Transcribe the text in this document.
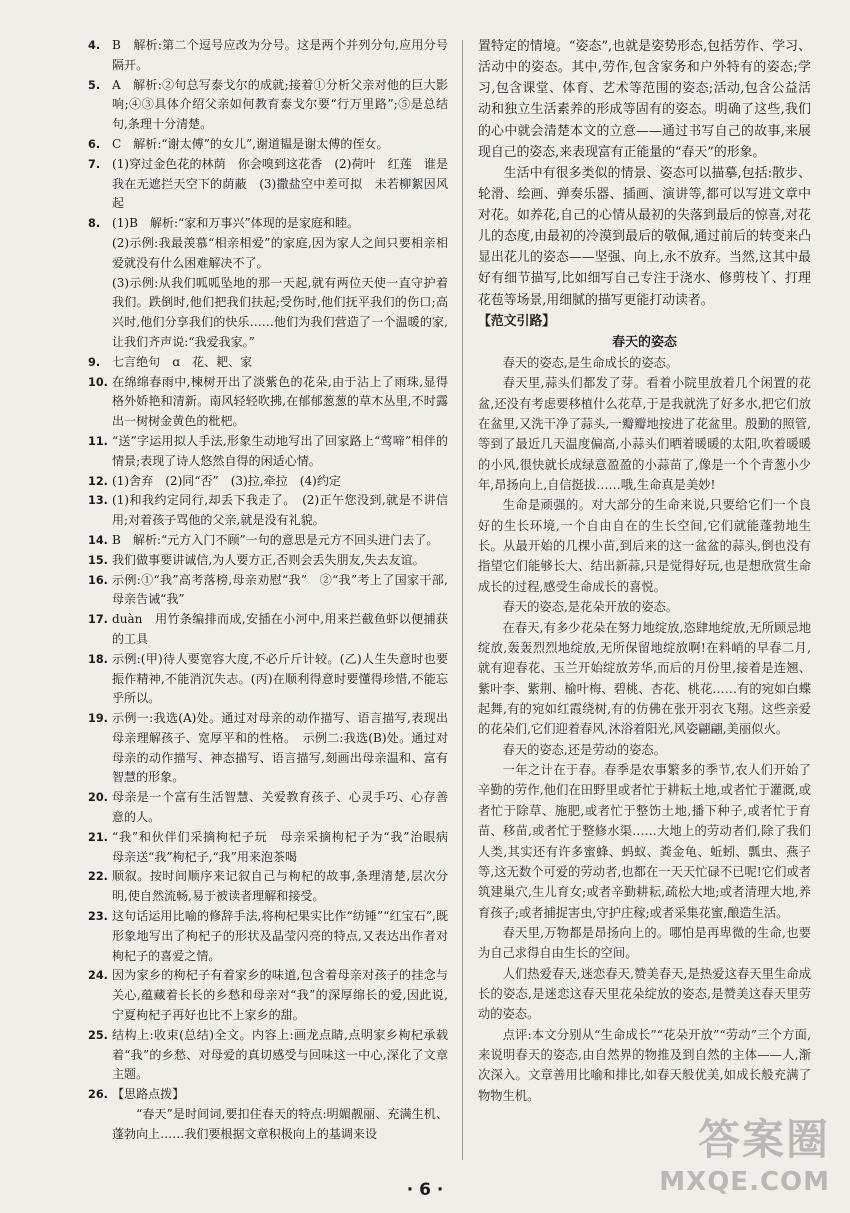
4. B　解析:第二个逗号应改为分号。这是两个并列分句,应用分号隔开。
5. A　解析:②句总写泰戈尔的成就;接着①分析父亲对他的巨大影响;④③具体介绍父亲如何教育泰戈尔要“行万里路”;⑤是总结句,条理十分清楚。
6. C　解析:“谢太傅”的女儿”,谢道韫是谢太傅的侄女。
7. (1)穿过金色花的林荫　你会嗅到这花香　(2)荷叶　红莲　谁是我在无遮拦天空下的荫蔽　(3)撒盐空中差可拟　未若柳絮因风起
8. (1)B　解析:“家和万事兴”体现的是家庭和睦。
(2)示例:我最羡慕“相亲相爱”的家庭,因为家人之间只要相亲相爱就没有什么困难解决不了。
(3)示例:从我们呱呱坠地的那一天起,就有两位天使一直守护着我们。跌倒时,他们把我们扶起;受伤时,他们抚平我们的伤口;高兴时,他们分享我们的快乐……他们为我们营造了一个温暖的家,让我们齐声说:“我爱我家。”
9. 七言绝句　ɑ　花、耙、家
10. 在绵绵春雨中,楝树开出了淡紫色的花朵,由于沾上了雨珠,显得格外娇艳和清新。南风轻轻吹拂,在郁郁葱葱的草木丛里,不时露出一树树金黄色的枇杷。
11. “送”字运用拟人手法,形象生动地写出了回家路上“莺啼”相伴的情景;表现了诗人悠然自得的闲适心情。
12. (1)舍弃　(2)同“否”　(3)拉,牵拉　(4)约定
13. (1)和我约定同行,却丢下我走了。　(2)正午您没到,就是不讲信用;对着孩子骂他的父亲,就是没有礼貌。
14. B　解析:“元方入门不顾”一句的意思是元方不回头进门去了。
15. 我们做事要讲诚信,为人要方正,否则会丢失朋友,失去友谊。
16. 示例:①“我”高考落榜,母亲劝慰“我”　②“我”考上了国家干部,母亲告诫“我”
17. duàn　用竹条编排而成,安插在小河中,用来拦截鱼虾以便捕获的工具
18. 示例:(甲)待人要宽容大度,不必斤斤计较。(乙)人生失意时也要振作精神,不能消沉失志。(丙)在顺利得意时要懂得珍惜,不能忘乎所以。
19. 示例一:我选(A)处。通过对母亲的动作描写、语言描写,表现出母亲理解孩子、宽厚平和的性格。　示例二:我选(B)处。通过对母亲的动作描写、神态描写、语言描写,刻画出母亲温和、富有智慧的形象。
20. 母亲是一个富有生活智慧、关爱教育孩子、心灵手巧、心存善意的人。
21. “我”和伙伴们采摘枸杞子玩　母亲采摘枸杞子为“我”治眼病　母亲送“我”枸杞子,“我”用来泡茶喝
22. 顺叙。按时间顺序来记叙自己与枸杞的故事,条理清楚,层次分明,使自然流畅,易于被读者理解和接受。
23. 这句话运用比喻的修辞手法,将枸杞果实比作“纺锤”“红宝石”,既形象地写出了枸杞子的形状及晶莹闪亮的特点,又表达出作者对枸杞子的喜爱之情。
24. 因为家乡的枸杞子有着家乡的味道,包含着母亲对孩子的挂念与关心,蕴藏着长长的乡愁和母亲对“我”的深厚绵长的爱,因此说,宁夏枸杞子再好也比不上家乡的甜。
25. 结构上:收束(总结)全文。内容上:画龙点睛,点明家乡枸杞承载着“我”的乡愁、对母爱的真切感受与回味这一中心,深化了文章主题。
26. 【思路点拨】
“春天”是时间词,要扣住春天的特点:明媚靓丽、充满生机、蓬勃向上……我们要根据文章积极向上的基调来设

置特定的情境。“姿态”,也就是姿势形态,包括劳作、学习、活动中的姿态。其中,劳作,包含家务和户外特有的姿态;学习,包含课堂、体育、艺术等范围的姿态;活动,包含公益活动和独立生活素养的形成等固有的姿态。明确了这些,我们的心中就会清楚本文的立意——通过书写自己的故事,来展现自己的姿态,来表现富有正能量的“春天”的形象。

生活中有很多类似的情景、姿态可以描摹,包括:散步、轮滑、绘画、弹奏乐器、插画、演讲等,都可以写进文章中对花。如养花,自己的心情从最初的失落到最后的惊喜,对花儿的态度,由最初的冷漠到最后的敬佩,通过前后的转变来凸显出花儿的姿态——坚强、向上,永不放弃。当然,这其中最好有细节描写,比如细写自己专注于浇水、修剪枝丫、打理花苞等场景,用细腻的描写更能打动读者。

【范文引路】

春天的姿态

春天的姿态,是生命成长的姿态。

春天里,蒜头们都发了芽。看着小院里放着几个闲置的花盆,还没有考虑要移植什么花草,于是我就洗了好多水,把它们放在盆里,又洗干净了蒜头,一瓣瓣地按进了花盆里。殷勤的照管,等到了最近几天温度偏高,小蒜头们晒着暖暖的太阳,吹着暖暖的小风,很快就长成绿意盈盈的小蒜苗了,像是一个个青葱小少年,昂扬向上,自信挺拔……哦,生命真是美妙!

生命是顽强的。对大部分的生命来说,只要给它们一个良好的生长环境,一个自由自在的生长空间,它们就能蓬勃地生长。从最开始的几棵小苗,到后来的这一盆盆的蒜头,倒也没有指望它们能够长大、结出新蒜,只是觉得好玩,也是想欣赏生命成长的过程,感受生命成长的喜悦。

春天的姿态,是花朵开放的姿态。

在春天,有多少花朵在努力地绽放,恣肆地绽放,无所顾忌地绽放,轰轰烈烈地绽放,无所保留地绽放啊!在料峭的早春二月,就有迎春花、玉兰开始绽放芳华,而后的月份里,接着是连翘、紫叶李、紫荆、榆叶梅、碧桃、杏花、桃花……有的宛如白蝶起舞,有的宛如红霞绕树,有的仿佛在张开羽衣飞翔。这些亲爱的花朵们,它们迎着春风,沐浴着阳光,风姿翩翩,美丽似火。

春天的姿态,还是劳动的姿态。

一年之计在于春。春季是农事繁多的季节,农人们开始了辛勤的劳作,他们在田野里或者忙于耕耘土地,或者忙于灌溉,或者忙于除草、施肥,或者忙于整饬土地,播下种子,或者忙于育苗、移苗,或者忙于整修水渠……大地上的劳动者们,除了我们人类,其实还有许多蜜蜂、蚂蚁、粪金龟、蚯蚓、瓢虫、燕子等,这无数个可爱的劳动者,也都在一天天忙碌不已呢!它们或者筑建巢穴,生儿育女;或者辛勤耕耘,疏松大地;或者清理大地,养育孩子;或者捕捉害虫,守护庄稼;或者采集花蜜,酿造生活。

春天里,万物都是昂扬向上的。哪怕是再卑微的生命,也要为自己求得自由生长的空间。

人们热爱春天,迷恋春天,赞美春天,是热爱这春天里生命成长的姿态,是迷恋这春天里花朵绽放的姿态,是赞美这春天里劳动的姿态。

点评:本文分别从“生命成长”“花朵开放”“劳动”三个方面,来说明春天的姿态,由自然界的物推及到自然的主体——人,渐次深入。文章善用比喻和排比,如春天般优美,如成长般充满了物物生机。

· 6 ·
答案圈
MXQE.COM
